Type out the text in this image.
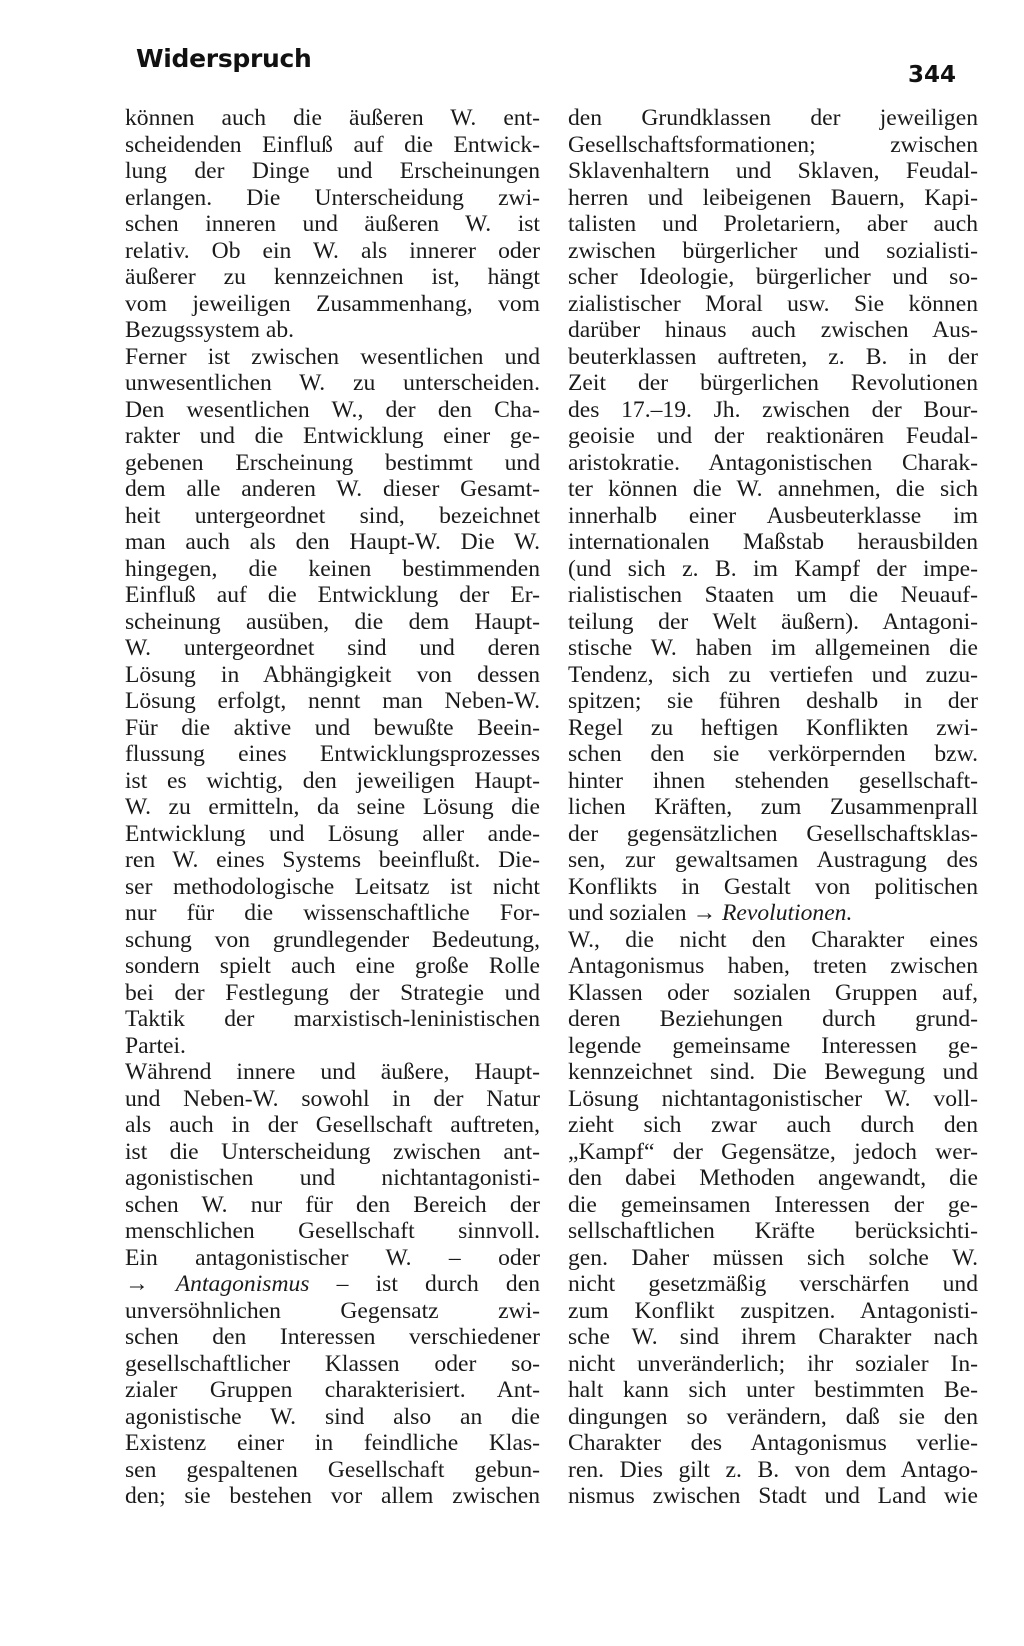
Widerspruch
344
können auch die äußeren W. ent-
scheidenden Einfluß auf die Entwick-
lung der Dinge und Erscheinungen
erlangen. Die Unterscheidung zwi-
schen inneren und äußeren W. ist
relativ. Ob ein W. als innerer oder
äußerer zu kennzeichnen ist, hängt
vom jeweiligen Zusammenhang, vom
Bezugssystem ab.
Ferner ist zwischen wesentlichen und
unwesentlichen W. zu unterscheiden.
Den wesentlichen W., der den Cha-
rakter und die Entwicklung einer ge-
gebenen Erscheinung bestimmt und
dem alle anderen W. dieser Gesamt-
heit untergeordnet sind, bezeichnet
man auch als den Haupt-W. Die W.
hingegen, die keinen bestimmenden
Einfluß auf die Entwicklung der Er-
scheinung ausüben, die dem Haupt-
W. untergeordnet sind und deren
Lösung in Abhängigkeit von dessen
Lösung erfolgt, nennt man Neben-W.
Für die aktive und bewußte Beein-
flussung eines Entwicklungsprozesses
ist es wichtig, den jeweiligen Haupt-
W. zu ermitteln, da seine Lösung die
Entwicklung und Lösung aller ande-
ren W. eines Systems beeinflußt. Die-
ser methodologische Leitsatz ist nicht
nur für die wissenschaftliche For-
schung von grundlegender Bedeutung,
sondern spielt auch eine große Rolle
bei der Festlegung der Strategie und
Taktik der marxistisch-leninistischen
Partei.
Während innere und äußere, Haupt-
und Neben-W. sowohl in der Natur
als auch in der Gesellschaft auftreten,
ist die Unterscheidung zwischen ant-
agonistischen und nichtantagonisti-
schen W. nur für den Bereich der
menschlichen Gesellschaft sinnvoll.
Ein antagonistischer W. – oder
→ Antagonismus – ist durch den
unversöhnlichen Gegensatz zwi-
schen den Interessen verschiedener
gesellschaftlicher Klassen oder so-
zialer Gruppen charakterisiert. Ant-
agonistische W. sind also an die
Existenz einer in feindliche Klas-
sen gespaltenen Gesellschaft gebun-
den; sie bestehen vor allem zwischen
den Grundklassen der jeweiligen
Gesellschaftsformationen; zwischen
Sklavenhaltern und Sklaven, Feudal-
herren und leibeigenen Bauern, Kapi-
talisten und Proletariern, aber auch
zwischen bürgerlicher und sozialisti-
scher Ideologie, bürgerlicher und so-
zialistischer Moral usw. Sie können
darüber hinaus auch zwischen Aus-
beuterklassen auftreten, z. B. in der
Zeit der bürgerlichen Revolutionen
des 17.–19. Jh. zwischen der Bour-
geoisie und der reaktionären Feudal-
aristokratie. Antagonistischen Charak-
ter können die W. annehmen, die sich
innerhalb einer Ausbeuterklasse im
internationalen Maßstab herausbilden
(und sich z. B. im Kampf der impe-
rialistischen Staaten um die Neuauf-
teilung der Welt äußern). Antagoni-
stische W. haben im allgemeinen die
Tendenz, sich zu vertiefen und zuzu-
spitzen; sie führen deshalb in der
Regel zu heftigen Konflikten zwi-
schen den sie verkörpernden bzw.
hinter ihnen stehenden gesellschaft-
lichen Kräften, zum Zusammenprall
der gegensätzlichen Gesellschaftsklas-
sen, zur gewaltsamen Austragung des
Konflikts in Gestalt von politischen
und sozialen → Revolutionen.
W., die nicht den Charakter eines
Antagonismus haben, treten zwischen
Klassen oder sozialen Gruppen auf,
deren Beziehungen durch grund-
legende gemeinsame Interessen ge-
kennzeichnet sind. Die Bewegung und
Lösung nichtantagonistischer W. voll-
zieht sich zwar auch durch den
„Kampf“ der Gegensätze, jedoch wer-
den dabei Methoden angewandt, die
die gemeinsamen Interessen der ge-
sellschaftlichen Kräfte berücksichti-
gen. Daher müssen sich solche W.
nicht gesetzmäßig verschärfen und
zum Konflikt zuspitzen. Antagonisti-
sche W. sind ihrem Charakter nach
nicht unveränderlich; ihr sozialer In-
halt kann sich unter bestimmten Be-
dingungen so verändern, daß sie den
Charakter des Antagonismus verlie-
ren. Dies gilt z. B. von dem Antago-
nismus zwischen Stadt und Land wie
